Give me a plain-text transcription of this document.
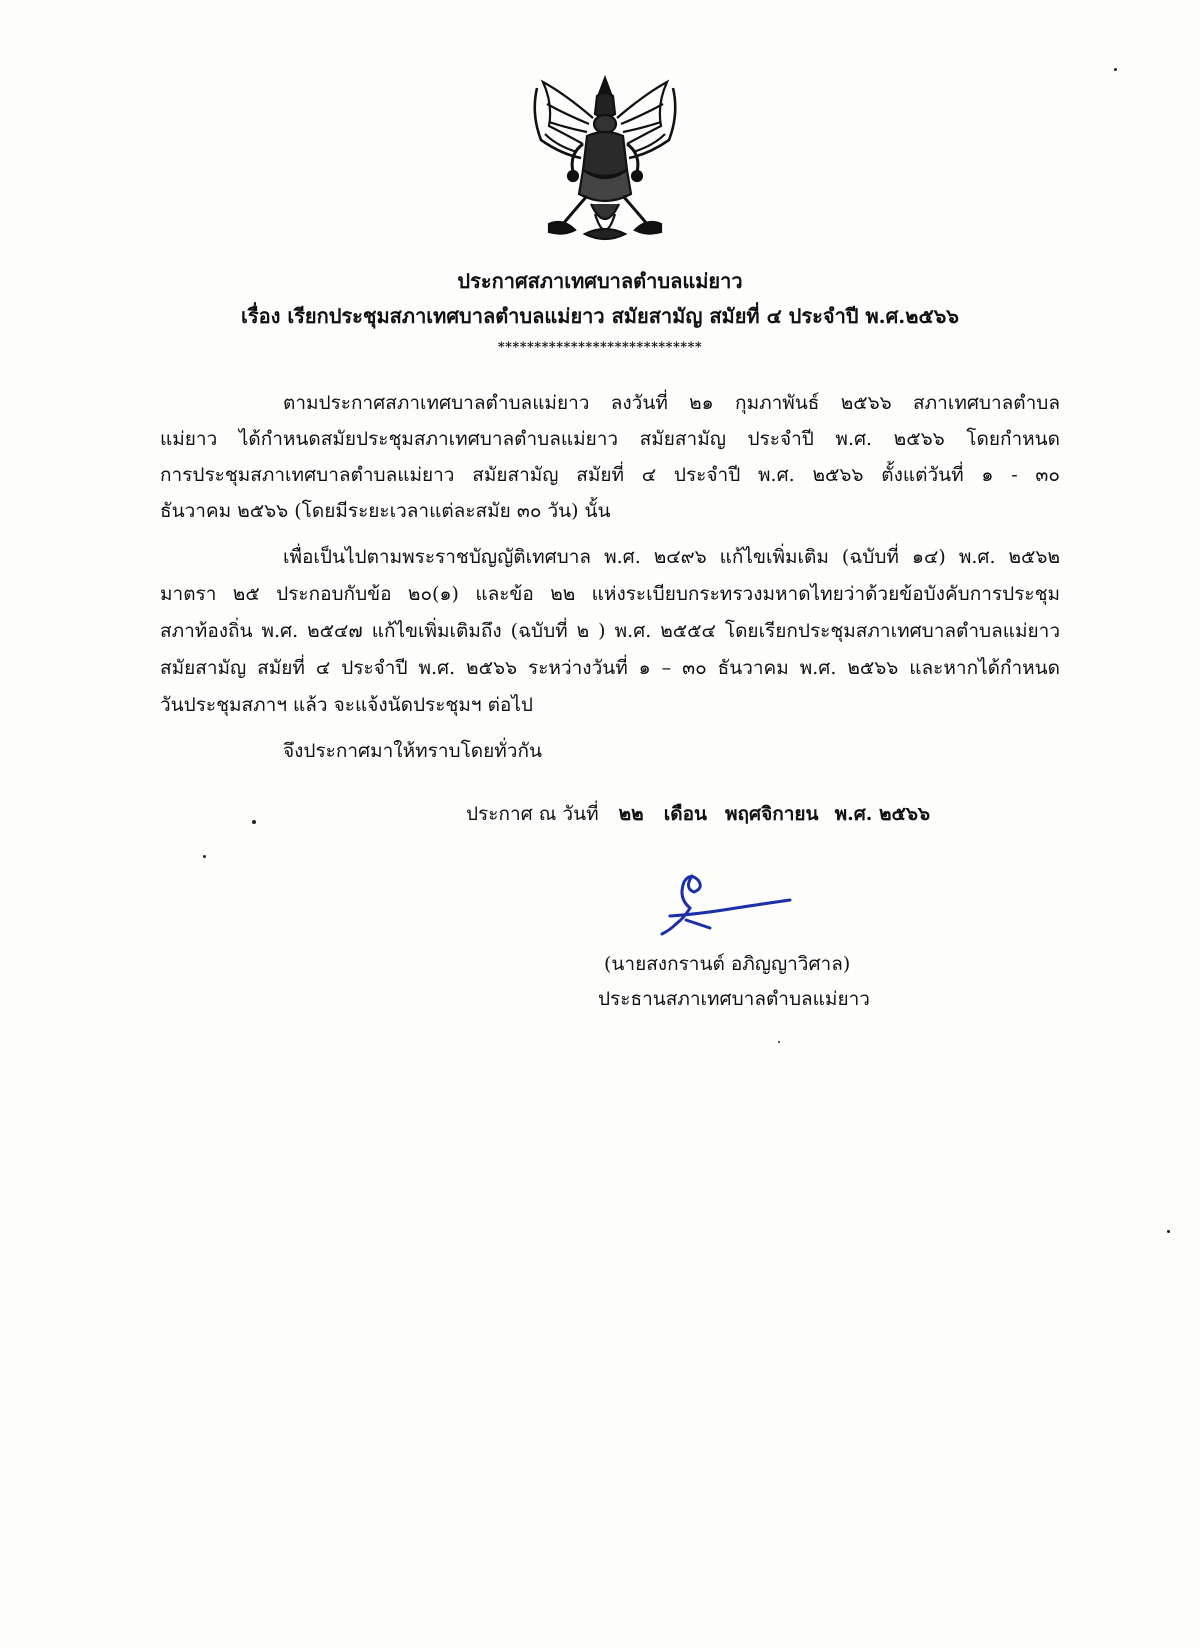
ประกาศสภาเทศบาลตำบลแม่ยาว
เรื่อง เรียกประชุมสภาเทศบาลตำบลแม่ยาว สมัยสามัญ สมัยที่ ๔ ประจำปี พ.ศ.๒๕๖๖
****************************
ตามประกาศสภาเทศบาลตำบลแม่ยาว ลงวันที่ ๒๑ กุมภาพันธ์ ๒๕๖๖ สภาเทศบาลตำบล
แม่ยาว ได้กำหนดสมัยประชุมสภาเทศบาลตำบลแม่ยาว สมัยสามัญ ประจำปี พ.ศ. ๒๕๖๖ โดยกำหนด
การประชุมสภาเทศบาลตำบลแม่ยาว สมัยสามัญ สมัยที่ ๔ ประจำปี พ.ศ. ๒๕๖๖ ตั้งแต่วันที่ ๑ - ๓๐
ธันวาคม ๒๕๖๖ (โดยมีระยะเวลาแต่ละสมัย ๓๐ วัน) นั้น
เพื่อเป็นไปตามพระราชบัญญัติเทศบาล พ.ศ. ๒๔๙๖ แก้ไขเพิ่มเติม (ฉบับที่ ๑๔) พ.ศ. ๒๕๖๒
มาตรา ๒๕ ประกอบกับข้อ ๒๐(๑) และข้อ ๒๒ แห่งระเบียบกระทรวงมหาดไทยว่าด้วยข้อบังคับการประชุม
สภาท้องถิ่น พ.ศ. ๒๕๔๗ แก้ไขเพิ่มเติมถึง (ฉบับที่ ๒ ) พ.ศ. ๒๕๕๔ โดยเรียกประชุมสภาเทศบาลตำบลแม่ยาว
สมัยสามัญ สมัยที่ ๔ ประจำปี พ.ศ. ๒๕๖๖ ระหว่างวันที่ ๑ – ๓๐ ธันวาคม พ.ศ. ๒๕๖๖ และหากได้กำหนด
วันประชุมสภาฯ แล้ว จะแจ้งนัดประชุมฯ ต่อไป
จึงประกาศมาให้ทราบโดยทั่วกัน
ประกาศ ณ วันที่ ๒๒ เดือน พฤศจิกายน พ.ศ. ๒๕๖๖
(นายสงกรานต์ อภิญญาวิศาล)
ประธานสภาเทศบาลตำบลแม่ยาว
